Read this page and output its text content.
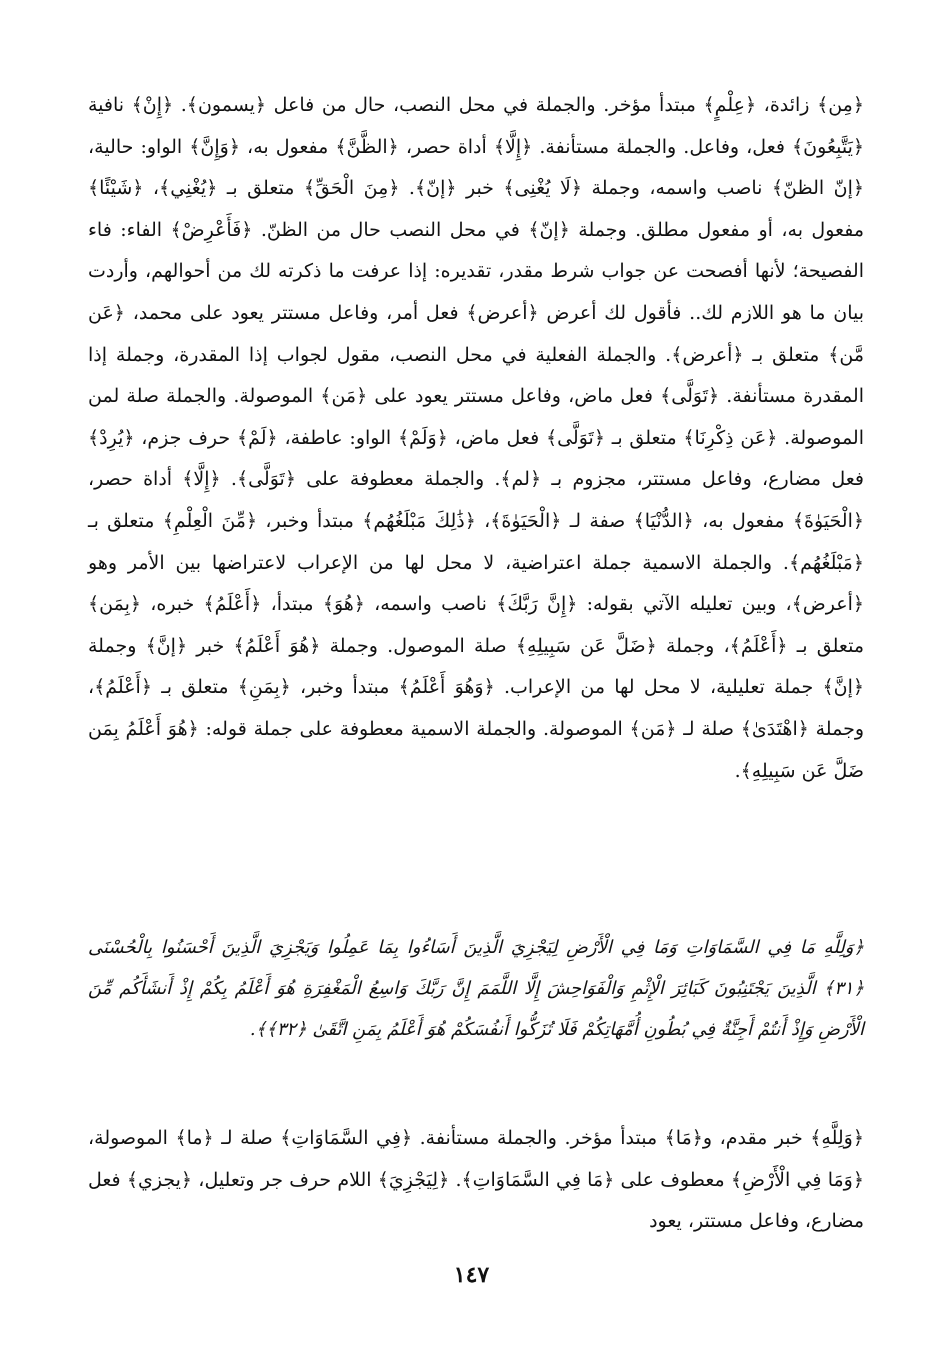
﴿مِن﴾ زائدة، ﴿عِلْمٍ﴾ مبتدأ مؤخر. والجملة في محل النصب، حال من فاعل ﴿يسمون﴾. ﴿إِنْ﴾ نافية ﴿يَتَّبِعُونَ﴾ فعل، وفاعل. والجملة مستأنفة. ﴿إِلَّا﴾ أداة حصر، ﴿الظَّنَّ﴾ مفعول به، ﴿وَإِنَّ﴾ الواو: حالية، ﴿إنّ الظنّ﴾ ناصب واسمه، وجملة ﴿لَا يُغْنِى﴾ خبر ﴿إنّ﴾. ﴿مِنَ الْحَقِّ﴾ متعلق بـ ﴿يُغْنِي﴾، ﴿شَيْئًا﴾ مفعول به، أو مفعول مطلق. وجملة ﴿إنّ﴾ في محل النصب حال من الظنّ. ﴿فَأَعْرِضْ﴾ الفاء: فاء الفصيحة؛ لأنها أفصحت عن جواب شرط مقدر، تقديره: إذا عرفت ما ذكرته لك من أحوالهم، وأردت بيان ما هو اللازم لك.. فأقول لك أعرض ﴿أعرض﴾ فعل أمر، وفاعل مستتر يعود على محمد، ﴿عَن مَّن﴾ متعلق بـ ﴿أعرض﴾. والجملة الفعلية في محل النصب، مقول لجواب إذا المقدرة، وجملة إذا المقدرة مستأنفة. ﴿تَوَلَّى﴾ فعل ماض، وفاعل مستتر يعود على ﴿مَن﴾ الموصولة. والجملة صلة لمن الموصولة. ﴿عَن ذِكْرِنَا﴾ متعلق بـ ﴿تَوَلَّى﴾ فعل ماض، ﴿وَلَمْ﴾ الواو: عاطفة، ﴿لَمْ﴾ حرف جزم، ﴿يُرِدْ﴾ فعل مضارع، وفاعل مستتر، مجزوم بـ ﴿لم﴾. والجملة معطوفة على ﴿تَوَلَّى﴾. ﴿إِلَّا﴾ أداة حصر، ﴿الْحَيَوٰةَ﴾ مفعول به، ﴿الدُّنْيَا﴾ صفة لـ ﴿الْحَيَوٰةَ﴾، ﴿ذَٰلِكَ مَبْلَغُهُم﴾ مبتدأ وخبر، ﴿مِّنَ الْعِلْمِ﴾ متعلق بـ ﴿مَبْلَغُهُم﴾. والجملة الاسمية جملة اعتراضية، لا محل لها من الإعراب لاعتراضها بين الأمر وهو ﴿أعرض﴾، وبين تعليله الآتي بقوله: ﴿إِنَّ رَبَّكَ﴾ ناصب واسمه، ﴿هُوَ﴾ مبتدأ، ﴿أَعْلَمُ﴾ خبره، ﴿بِمَن﴾ متعلق بـ ﴿أَعْلَمُ﴾، وجملة ﴿ضَلَّ عَن سَبِيلِهِ﴾ صلة الموصول. وجملة ﴿هُوَ أَعْلَمُ﴾ خبر ﴿إنَّ﴾ وجملة ﴿إنَّ﴾ جملة تعليلية، لا محل لها من الإعراب. ﴿وَهُوَ أَعْلَمُ﴾ مبتدأ وخبر، ﴿بِمَنِ﴾ متعلق بـ ﴿أَعْلَمُ﴾، وجملة ﴿اهْتَدَىٰ﴾ صلة لـ ﴿مَن﴾ الموصولة. والجملة الاسمية معطوفة على جملة قوله: ﴿هُوَ أَعْلَمُ بِمَن ضَلَّ عَن سَبِيلِهِ﴾.

﴿وَلِلَّهِ مَا فِي السَّمَاوَاتِ وَمَا فِي الْأَرْضِ لِيَجْزِيَ الَّذِينَ أَسَاءُوا بِمَا عَمِلُوا وَيَجْزِيَ الَّذِينَ أَحْسَنُوا بِالْحُسْنَى ﴿٣١﴾ الَّذِينَ يَجْتَنِبُونَ كَبَائِرَ الْإِثْمِ وَالْفَوَاحِشَ إِلَّا اللَّمَمَ إِنَّ رَبَّكَ وَاسِعُ الْمَغْفِرَةِ هُوَ أَعْلَمُ بِكُمْ إِذْ أَنشَأَكُم مِّنَ الْأَرْضِ وَإِذْ أَنتُمْ أَجِنَّةٌ فِي بُطُونِ أُمَّهَاتِكُمْ فَلَا تُزَكُّوا أَنفُسَكُمْ هُوَ أَعْلَمُ بِمَنِ اتَّقَىٰ ﴿٣٢﴾﴾.

﴿وَلِلَّهِ﴾ خبر مقدم، و﴿مَا﴾ مبتدأ مؤخر. والجملة مستأنفة. ﴿فِي السَّمَاوَاتِ﴾ صلة لـ ﴿ما﴾ الموصولة، ﴿وَمَا فِي الْأَرْضِ﴾ معطوف على ﴿مَا فِي السَّمَاوَاتِ﴾. ﴿لِيَجْزِيَ﴾ اللام حرف جر وتعليل، ﴿يجزي﴾ فعل مضارع، وفاعل مستتر، يعود

١٤٧
